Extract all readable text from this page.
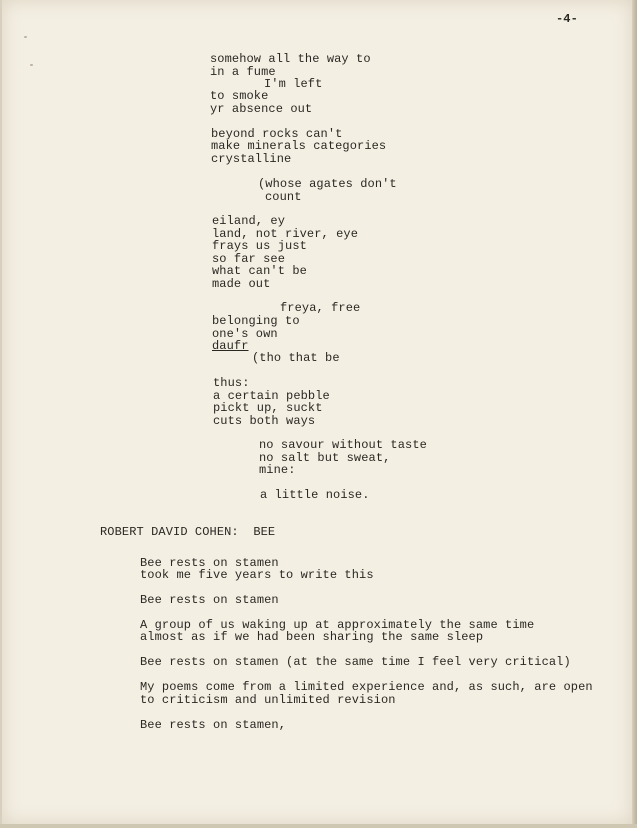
-4-
somehow all the way to
in a fume
I'm left
to smoke
yr absence out
beyond rocks can't
make minerals categories
crystalline
(whose agates don't
count
eiland, ey
land, not river, eye
frays us just
so far see
what can't be
made out
freya, free
belonging to
one's own
daufr
(tho that be
thus:
a certain pebble
pickt up, suckt
cuts both ways
no savour without taste
no salt but sweat,
mine:
a little noise.
ROBERT DAVID COHEN:  BEE
Bee rests on stamen
took me five years to write this
Bee rests on stamen
A group of us waking up at approximately the same time
almost as if we had been sharing the same sleep
Bee rests on stamen (at the same time I feel very critical)
My poems come from a limited experience and, as such, are open
to criticism and unlimited revision
Bee rests on stamen,
